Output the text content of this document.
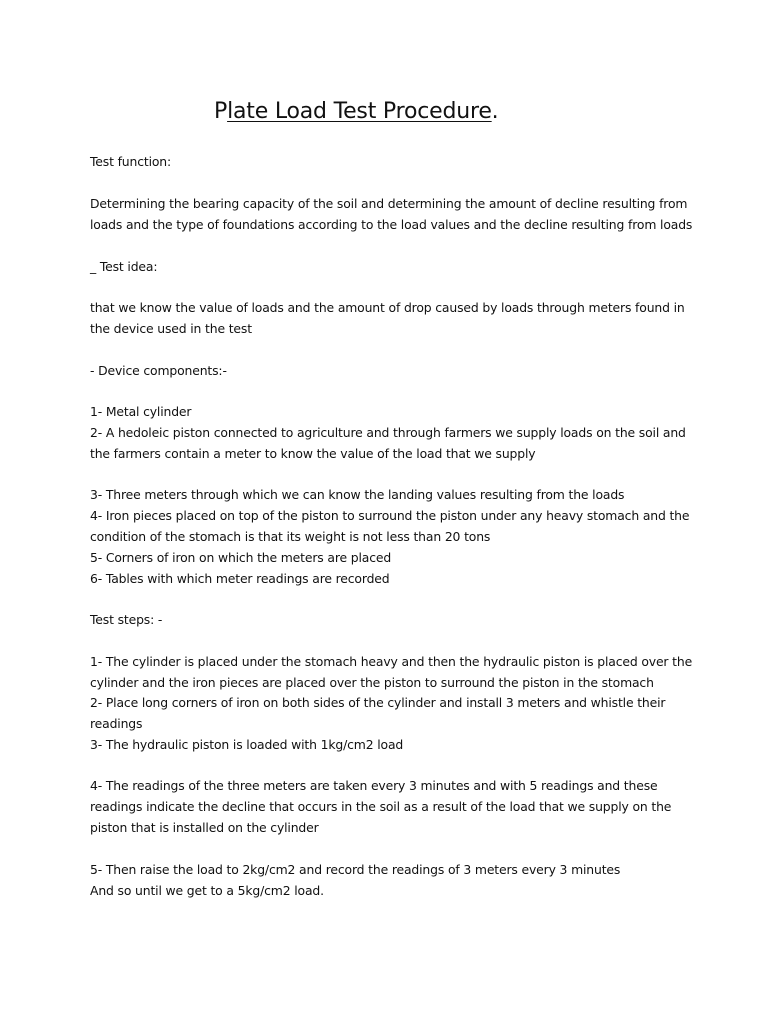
Plate Load Test Procedure.
Test function:
Determining the bearing capacity of the soil and determining the amount of decline resulting from
loads and the type of foundations according to the load values and the decline resulting from loads
_ Test idea:
that we know the value of loads and the amount of drop caused by loads through meters found in
the device used in the test
- Device components:-
1- Metal cylinder
2- A hedoleic piston connected to agriculture and through farmers we supply loads on the soil and
the farmers contain a meter to know the value of the load that we supply
3- Three meters through which we can know the landing values resulting from the loads
4- Iron pieces placed on top of the piston to surround the piston under any heavy stomach and the
condition of the stomach is that its weight is not less than 20 tons
5- Corners of iron on which the meters are placed
6- Tables with which meter readings are recorded
Test steps: -
1- The cylinder is placed under the stomach heavy and then the hydraulic piston is placed over the
cylinder and the iron pieces are placed over the piston to surround the piston in the stomach
2- Place long corners of iron on both sides of the cylinder and install 3 meters and whistle their
readings
3- The hydraulic piston is loaded with 1kg/cm2 load
4- The readings of the three meters are taken every 3 minutes and with 5 readings and these
readings indicate the decline that occurs in the soil as a result of the load that we supply on the
piston that is installed on the cylinder
5- Then raise the load to 2kg/cm2 and record the readings of 3 meters every 3 minutes
And so until we get to a 5kg/cm2 load.
